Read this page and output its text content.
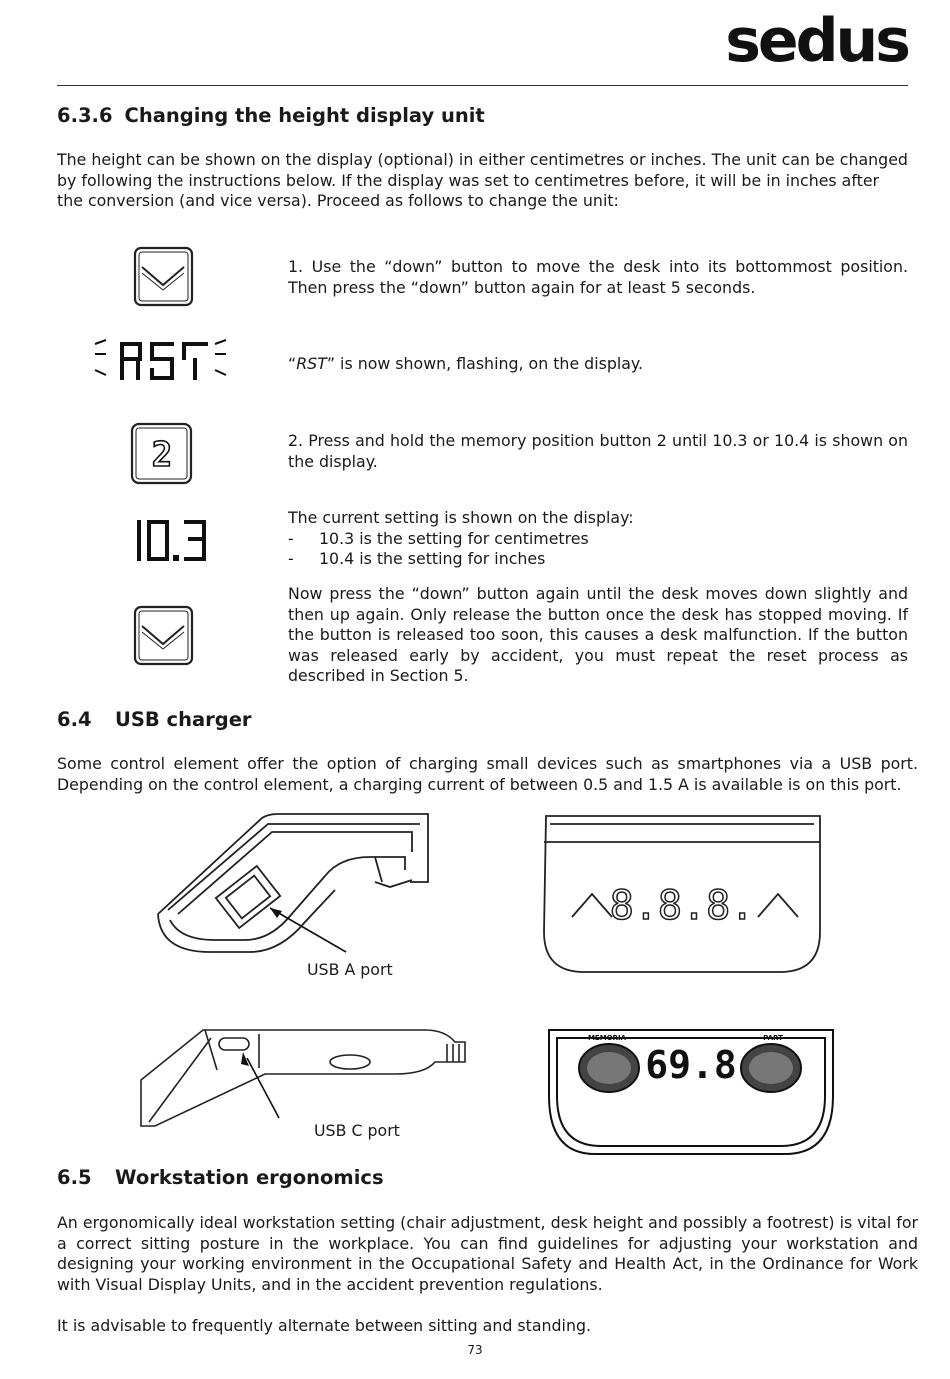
sedus
6.3.6 Changing the height display unit
The height can be shown on the display (optional) in either centimetres or inches. The unit can be changed by following the instructions below. If the display was set to centimetres before, it will be in inches after the conversion (and vice versa). Proceed as follows to change the unit:
2
1. Use the “down” button to move the desk into its bottommost position. Then press the “down” button again for at least 5 seconds.
“RST” is now shown, flashing, on the display.
2. Press and hold the memory position button 2 until 10.3 or 10.4 is shown on the display.
The current setting is shown on the display:
- 10.3 is the setting for centimetres
- 10.4 is the setting for inches
Now press the “down” button again until the desk moves down slightly and then up again. Only release the button once the desk has stopped moving. If the button is released too soon, this causes a desk malfunction. If the button was released early by accident, you must repeat the reset process as described in Section 5.
6.4 USB charger
Some control element offer the option of charging small devices such as smartphones via a USB port. Depending on the control element, a charging current of between 0.5 and 1.5 A is available is on this port.
USB A port
8.8.8.
USB C port
MEMORIA	PART
69.8
6.5 Workstation ergonomics
An ergonomically ideal workstation setting (chair adjustment, desk height and possibly a footrest) is vital for a correct sitting posture in the workplace. You can find guidelines for adjusting your workstation and designing your working environment in the Occupational Safety and Health Act, in the Ordinance for Work with Visual Display Units, and in the accident prevention regulations.
It is advisable to frequently alternate between sitting and standing.
73
